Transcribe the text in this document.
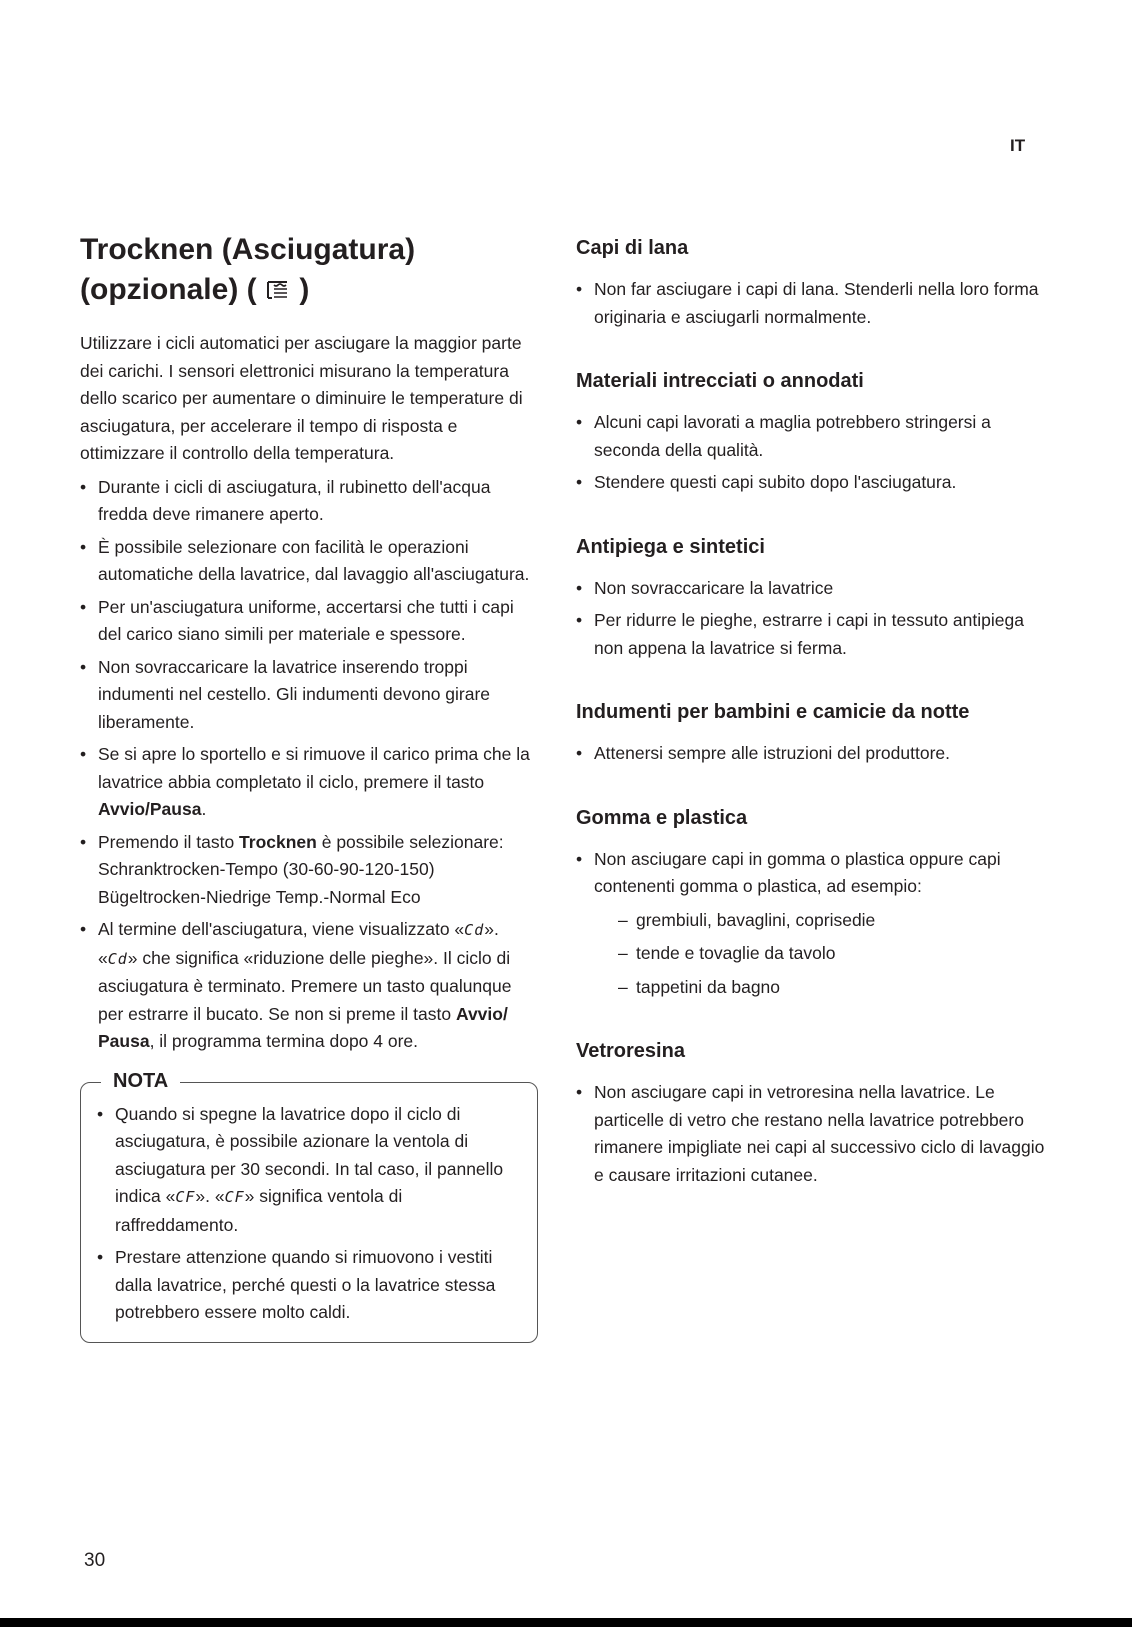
IT
Trocknen (Asciugatura)
(opzionale) ( )

Utilizzare i cicli automatici per asciugare la maggior parte dei carichi. I sensori elettronici misurano la temperatura dello scarico per aumentare o diminuire le temperature di asciugatura, per accelerare il tempo di risposta e ottimizzare il controllo della temperatura.

• Durante i cicli di asciugatura, il rubinetto dell'acqua fredda deve rimanere aperto.
• È possibile selezionare con facilità le operazioni automatiche della lavatrice, dal lavaggio all'asciugatura.
• Per un'asciugatura uniforme, accertarsi che tutti i capi del carico siano simili per materiale e spessore.
• Non sovraccaricare la lavatrice inserendo troppi indumenti nel cestello. Gli indumenti devono girare liberamente.
• Se si apre lo sportello e si rimuove il carico prima che la lavatrice abbia completato il ciclo, premere il tasto Avvio/Pausa.
• Premendo il tasto Trocknen è possibile selezionare:
Schranktrocken-Tempo (30-60-90-120-150)
Bügeltrocken-Niedrige Temp.-Normal Eco
• Al termine dell'asciugatura, viene visualizzato «Cd». «Cd» che significa «riduzione delle pieghe». Il ciclo di asciugatura è terminato. Premere un tasto qualunque per estrarre il bucato. Se non si preme il tasto Avvio/ Pausa, il programma termina dopo 4 ore.
NOTA
• Quando si spegne la lavatrice dopo il ciclo di asciugatura, è possibile azionare la ventola di asciugatura per 30 secondi. In tal caso, il pannello indica «CF». «CF» significa ventola di raffreddamento.
• Prestare attenzione quando si rimuovono i vestiti dalla lavatrice, perché questi o la lavatrice stessa potrebbero essere molto caldi.
Capi di lana
• Non far asciugare i capi di lana. Stenderli nella loro forma originaria e asciugarli normalmente.
Materiali intrecciati o annodati
• Alcuni capi lavorati a maglia potrebbero stringersi a seconda della qualità.
• Stendere questi capi subito dopo l'asciugatura.
Antipiega e sintetici
• Non sovraccaricare la lavatrice
• Per ridurre le pieghe, estrarre i capi in tessuto antipiega non appena la lavatrice si ferma.
Indumenti per bambini e camicie da notte
• Attenersi sempre alle istruzioni del produttore.
Gomma e plastica
• Non asciugare capi in gomma o plastica oppure capi contenenti gomma o plastica, ad esempio:
– grembiuli, bavaglini, coprisedie
– tende e tovaglie da tavolo
– tappetini da bagno
Vetroresina
• Non asciugare capi in vetroresina nella lavatrice. Le particelle di vetro che restano nella lavatrice potrebbero rimanere impigliate nei capi al successivo ciclo di lavaggio e causare irritazioni cutanee.
30
